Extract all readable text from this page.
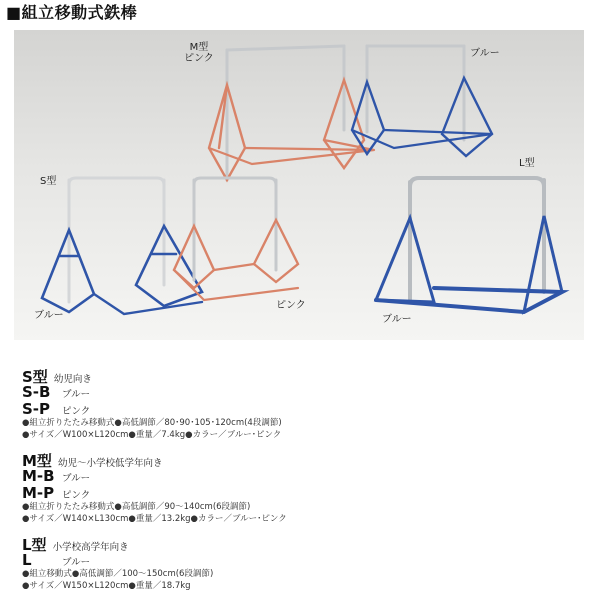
■組立移動式鉄棒
M型
ピンク	ブルー
S型
L型
ブルー
ピンク
ブルー
S型 幼児向き
S-B	ブルー
S-P	ピンク
●組立折りたたみ移動式●高低調節／80･90･105･120cm(4段調節)
●サイズ／W100×L120cm●重量／7.4kg●カラー／ブルー･ピンク
M型 幼児～小学校低学年向き
M-B ブルー
M-P ピンク
●組立折りたたみ移動式●高低調節／90～140cm(6段調節)
●サイズ／W140×L130cm●重量／13.2kg●カラー／ブルー･ピンク
L型 小学校高学年向き
L	ブルー
●組立移動式●高低調節／100～150cm(6段調節)
●サイズ／W150×L120cm●重量／18.7kg
